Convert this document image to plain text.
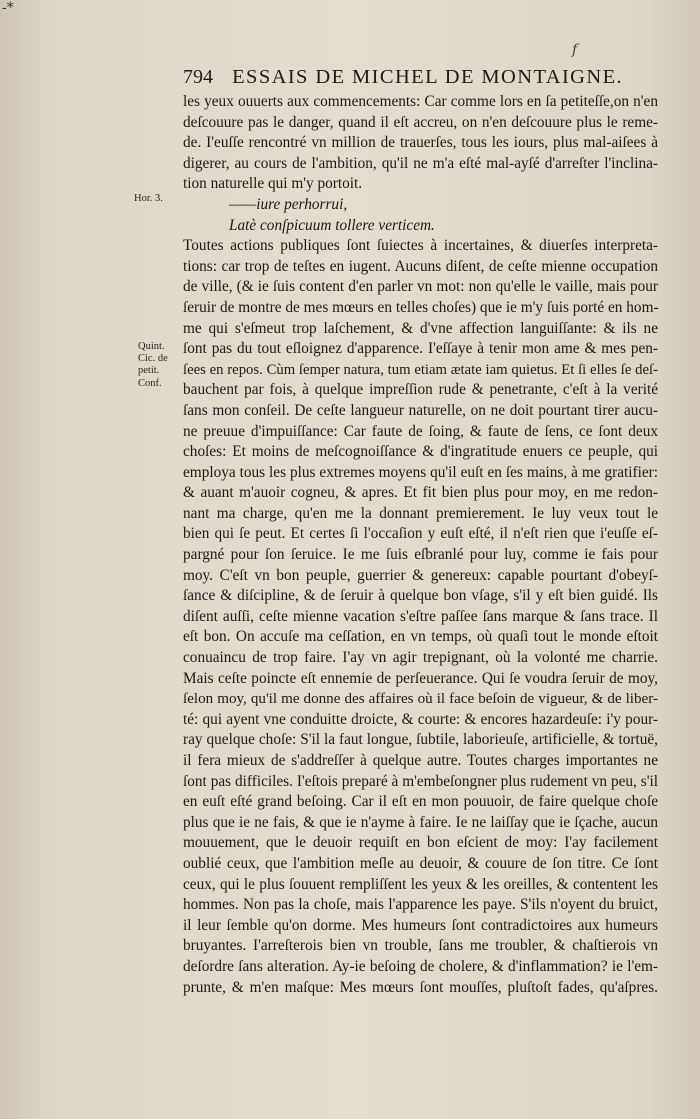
-*
f
794 ESSAIS DE MICHEL DE MONTAIGNE.
Hor. 3.
Quint.
Cic. de
petit.
Conf.
les yeux ouuerts aux commencements: Car comme lors en ſa petiteſſe,on n'en
deſcouure pas le danger, quand il eſt accreu, on n'en deſcouure plus le reme-
de. I'euſſe rencontré vn million de trauerſes, tous les iours, plus mal-aiſees à
digerer, au cours de l'ambition, qu'il ne m'a eſté mal-ayſé d'arreſter l'inclina-
tion naturelle qui m'y portoit.
——iure perhorrui,
Latè conſpicuum tollere verticem.
Toutes actions publiques ſont ſuiectes à incertaines, & diuerſes interpreta-
tions: car trop de teſtes en iugent. Aucuns diſent, de ceſte mienne occupation
de ville, (& ie ſuis content d'en parler vn mot: non qu'elle le vaille, mais pour
ſeruir de montre de mes mœurs en telles choſes) que ie m'y ſuis porté en hom-
me qui s'eſmeut trop laſchement, & d'vne affection languiſſante: & ils ne
ſont pas du tout eſloignez d'apparence. I'eſſaye à tenir mon ame & mes pen-
ſees en repos. Cùm ſemper natura, tum etiam ætate iam quietus. Et ſi elles ſe deſ-
bauchent par fois, à quelque impreſſion rude & penetrante, c'eſt à la verité
ſans mon conſeil. De ceſte langueur naturelle, on ne doit pourtant tirer aucu-
ne preuue d'impuiſſance: Car faute de ſoing, & faute de ſens, ce ſont deux
choſes: Et moins de meſcognoiſſance & d'ingratitude enuers ce peuple, qui
employa tous les plus extremes moyens qu'il euſt en ſes mains, à me gratifier:
& auant m'auoir cogneu, & apres. Et fit bien plus pour moy, en me redon-
nant ma charge, qu'en me la donnant premierement. Ie luy veux tout le
bien qui ſe peut. Et certes ſi l'occaſion y euſt eſté, il n'eſt rien que i'euſſe eſ-
pargné pour ſon ſeruice. Ie me ſuis eſbranlé pour luy, comme ie fais pour
moy. C'eſt vn bon peuple, guerrier & genereux: capable pourtant d'obeyſ-
ſance & diſcipline, & de ſeruir à quelque bon vſage, s'il y eſt bien guidé. Ils
diſent auſſi, ceſte mienne vacation s'eſtre paſſee ſans marque & ſans trace. Il
eſt bon. On accuſe ma ceſſation, en vn temps, où quaſi tout le monde eſtoit
conuaincu de trop faire. I'ay vn agir trepignant, où la volonté me charrie.
Mais ceſte poincte eſt ennemie de perſeuerance. Qui ſe voudra ſeruir de moy,
ſelon moy, qu'il me donne des affaires où il face beſoin de vigueur, & de liber-
té: qui ayent vne conduitte droicte, & courte: & encores hazardeuſe: i'y pour-
ray quelque choſe: S'il la faut longue, ſubtile, laborieuſe, artificielle, & tortuë,
il fera mieux de s'addreſſer à quelque autre. Toutes charges importantes ne
ſont pas difficiles. I'eſtois preparé à m'embeſongner plus rudement vn peu, s'il
en euſt eſté grand beſoing. Car il eſt en mon pouuoir, de faire quelque choſe
plus que ie ne fais, & que ie n'ayme à faire. Ie ne laiſſay que ie ſçache, aucun
mouuement, que le deuoir requiſt en bon eſcient de moy: I'ay facilement
oublié ceux, que l'ambition meſle au deuoir, & couure de ſon titre. Ce ſont
ceux, qui le plus ſouuent rempliſſent les yeux & les oreilles, & contentent les
hommes. Non pas la choſe, mais l'apparence les paye. S'ils n'oyent du bruict,
il leur ſemble qu'on dorme. Mes humeurs ſont contradictoires aux humeurs
bruyantes. I'arreſterois bien vn trouble, ſans me troubler, & chaſtierois vn
deſordre ſans alteration. Ay-ie beſoing de cholere, & d'inflammation? ie l'em-
prunte, & m'en maſque: Mes mœurs ſont mouſſes, pluſtoſt fades, qu'aſpres.
